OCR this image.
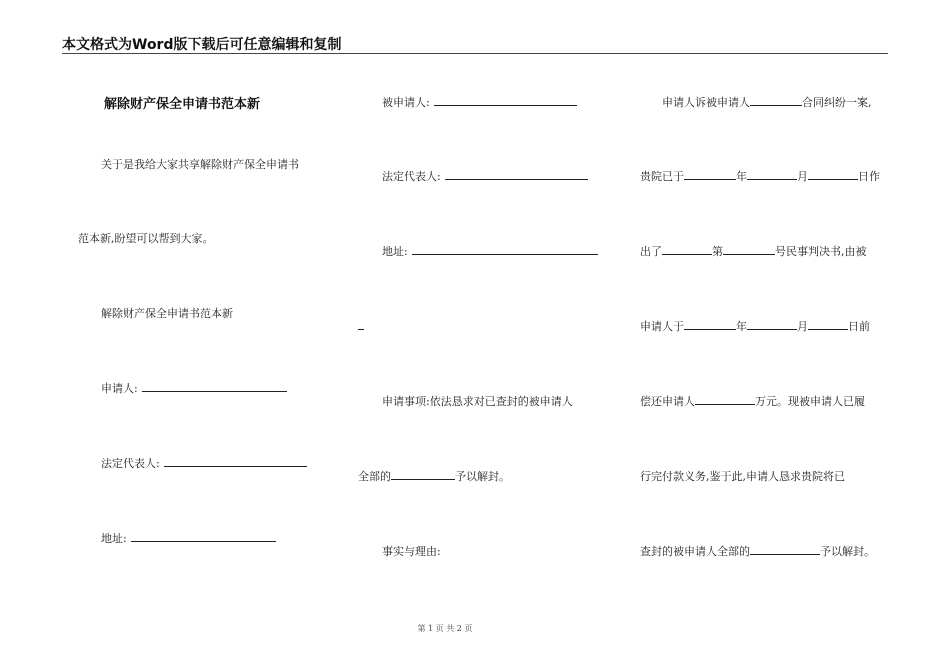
本文格式为Word版下载后可任意编辑和复制
解除财产保全申请书范本新
关于是我给大家共享解除财产保全申请书
范本新,盼望可以帮到大家。
解除财产保全申请书范本新
申请人:
法定代表人:
地址:
被申请人:
法定代表人:
地址:
申请事项:依法恳求对已查封的被申请人
全部的	予以解封。
事实与理由:
申请人诉被申请人	合同纠纷一案,
贵院已于	年	月	日作
出了	第	号民事判决书,由被
申请人于	年	月	日前
偿还申请人	万元。现被申请人已履
行完付款义务,鉴于此,申请人恳求贵院将已
查封的被申请人全部的	予以解封。
第 1 页 共 2 页
